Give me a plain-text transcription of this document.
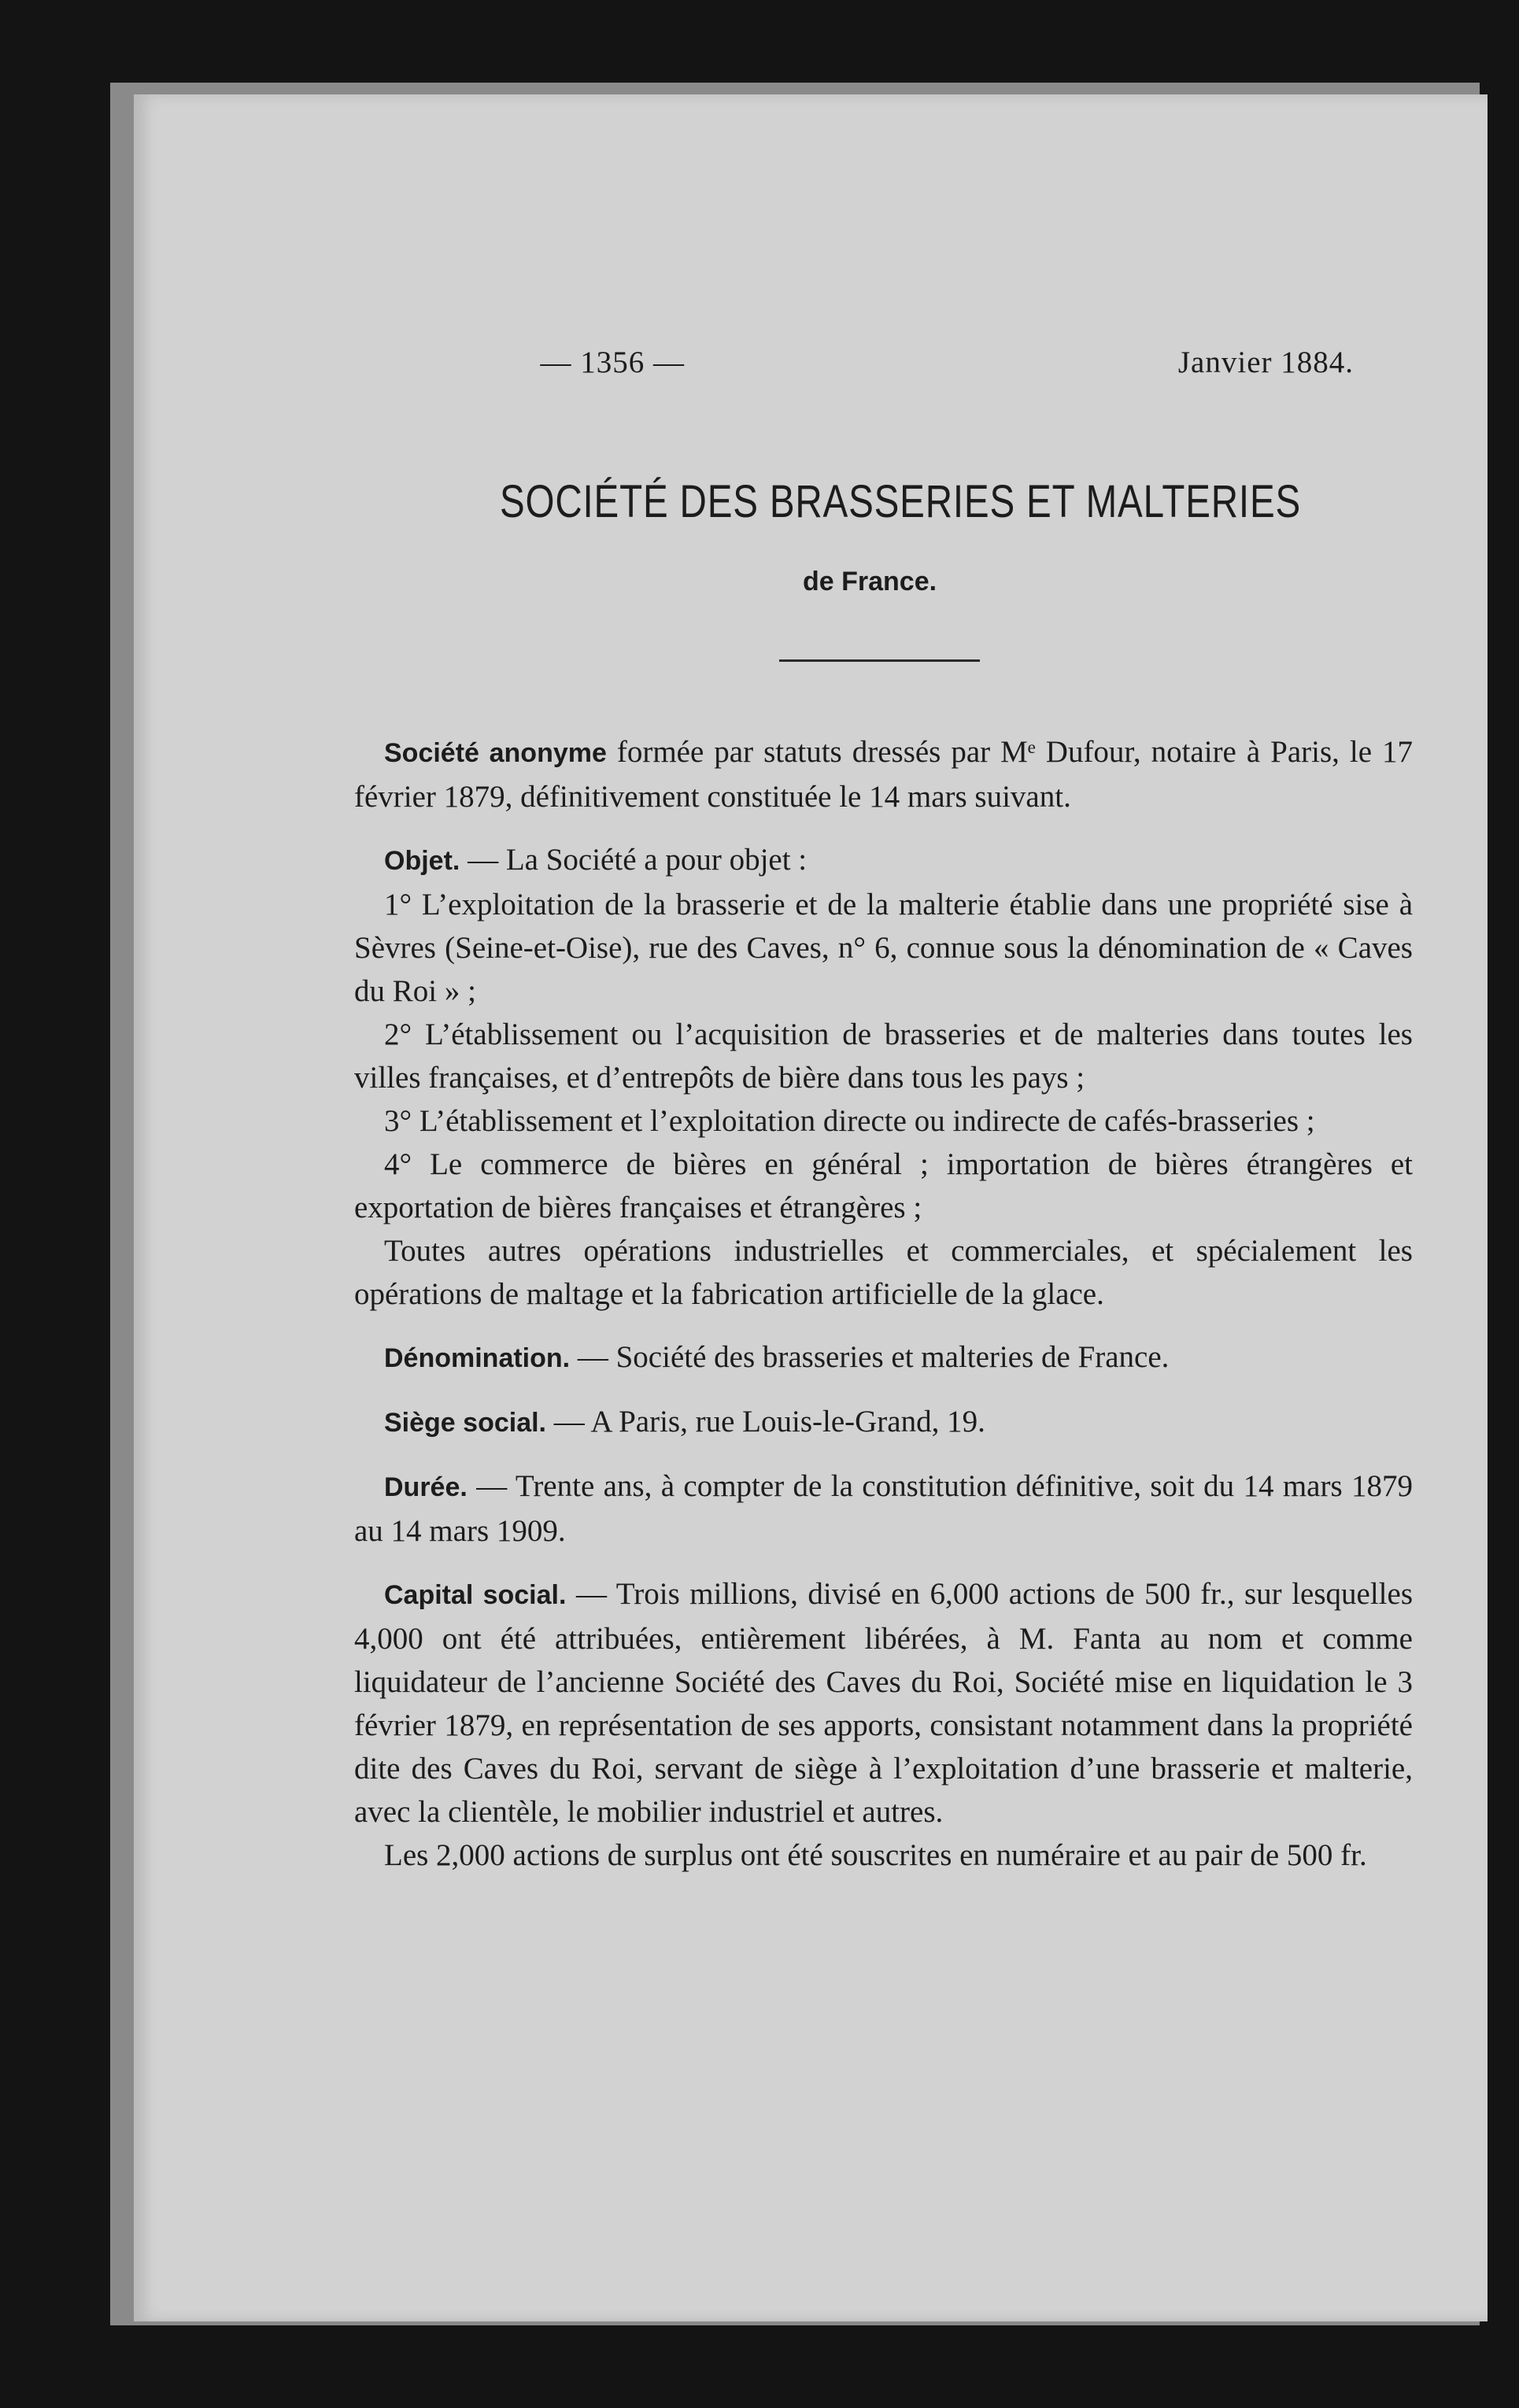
— 1356 —	Janvier 1884.
SOCIÉTÉ DES BRASSERIES ET MALTERIES
de France.

Société anonyme formée par statuts dressés par Mᵉ Dufour, notaire à Paris, le 17 février 1879, définitivement constituée le 14 mars suivant.

Objet. — La Société a pour objet :

1° L’exploitation de la brasserie et de la malterie établie dans une propriété sise à Sèvres (Seine-et-Oise), rue des Caves, n° 6, connue sous la dénomination de « Caves du Roi » ;

2° L’établissement ou l’acquisition de brasseries et de malteries dans toutes les villes françaises, et d’entrepôts de bière dans tous les pays ;

3° L’établissement et l’exploitation directe ou indirecte de cafés-brasseries ;

4° Le commerce de bières en général ; importation de bières étrangères et exportation de bières françaises et étrangères ;

Toutes autres opérations industrielles et commerciales, et spécialement les opérations de maltage et la fabrication artificielle de la glace.

Dénomination. — Société des brasseries et malteries de France.

Siège social. — A Paris, rue Louis-le-Grand, 19.

Durée. — Trente ans, à compter de la constitution définitive, soit du 14 mars 1879 au 14 mars 1909.

Capital social. — Trois millions, divisé en 6,000 actions de 500 fr., sur lesquelles 4,000 ont été attribuées, entièrement libérées, à M. Fanta au nom et comme liquidateur de l’ancienne Société des Caves du Roi, Société mise en liquidation le 3 février 1879, en représentation de ses apports, consistant notamment dans la propriété dite des Caves du Roi, servant de siège à l’exploitation d’une brasserie et malterie, avec la clientèle, le mobilier industriel et autres.

Les 2,000 actions de surplus ont été souscrites en numéraire et au pair de 500 fr.
